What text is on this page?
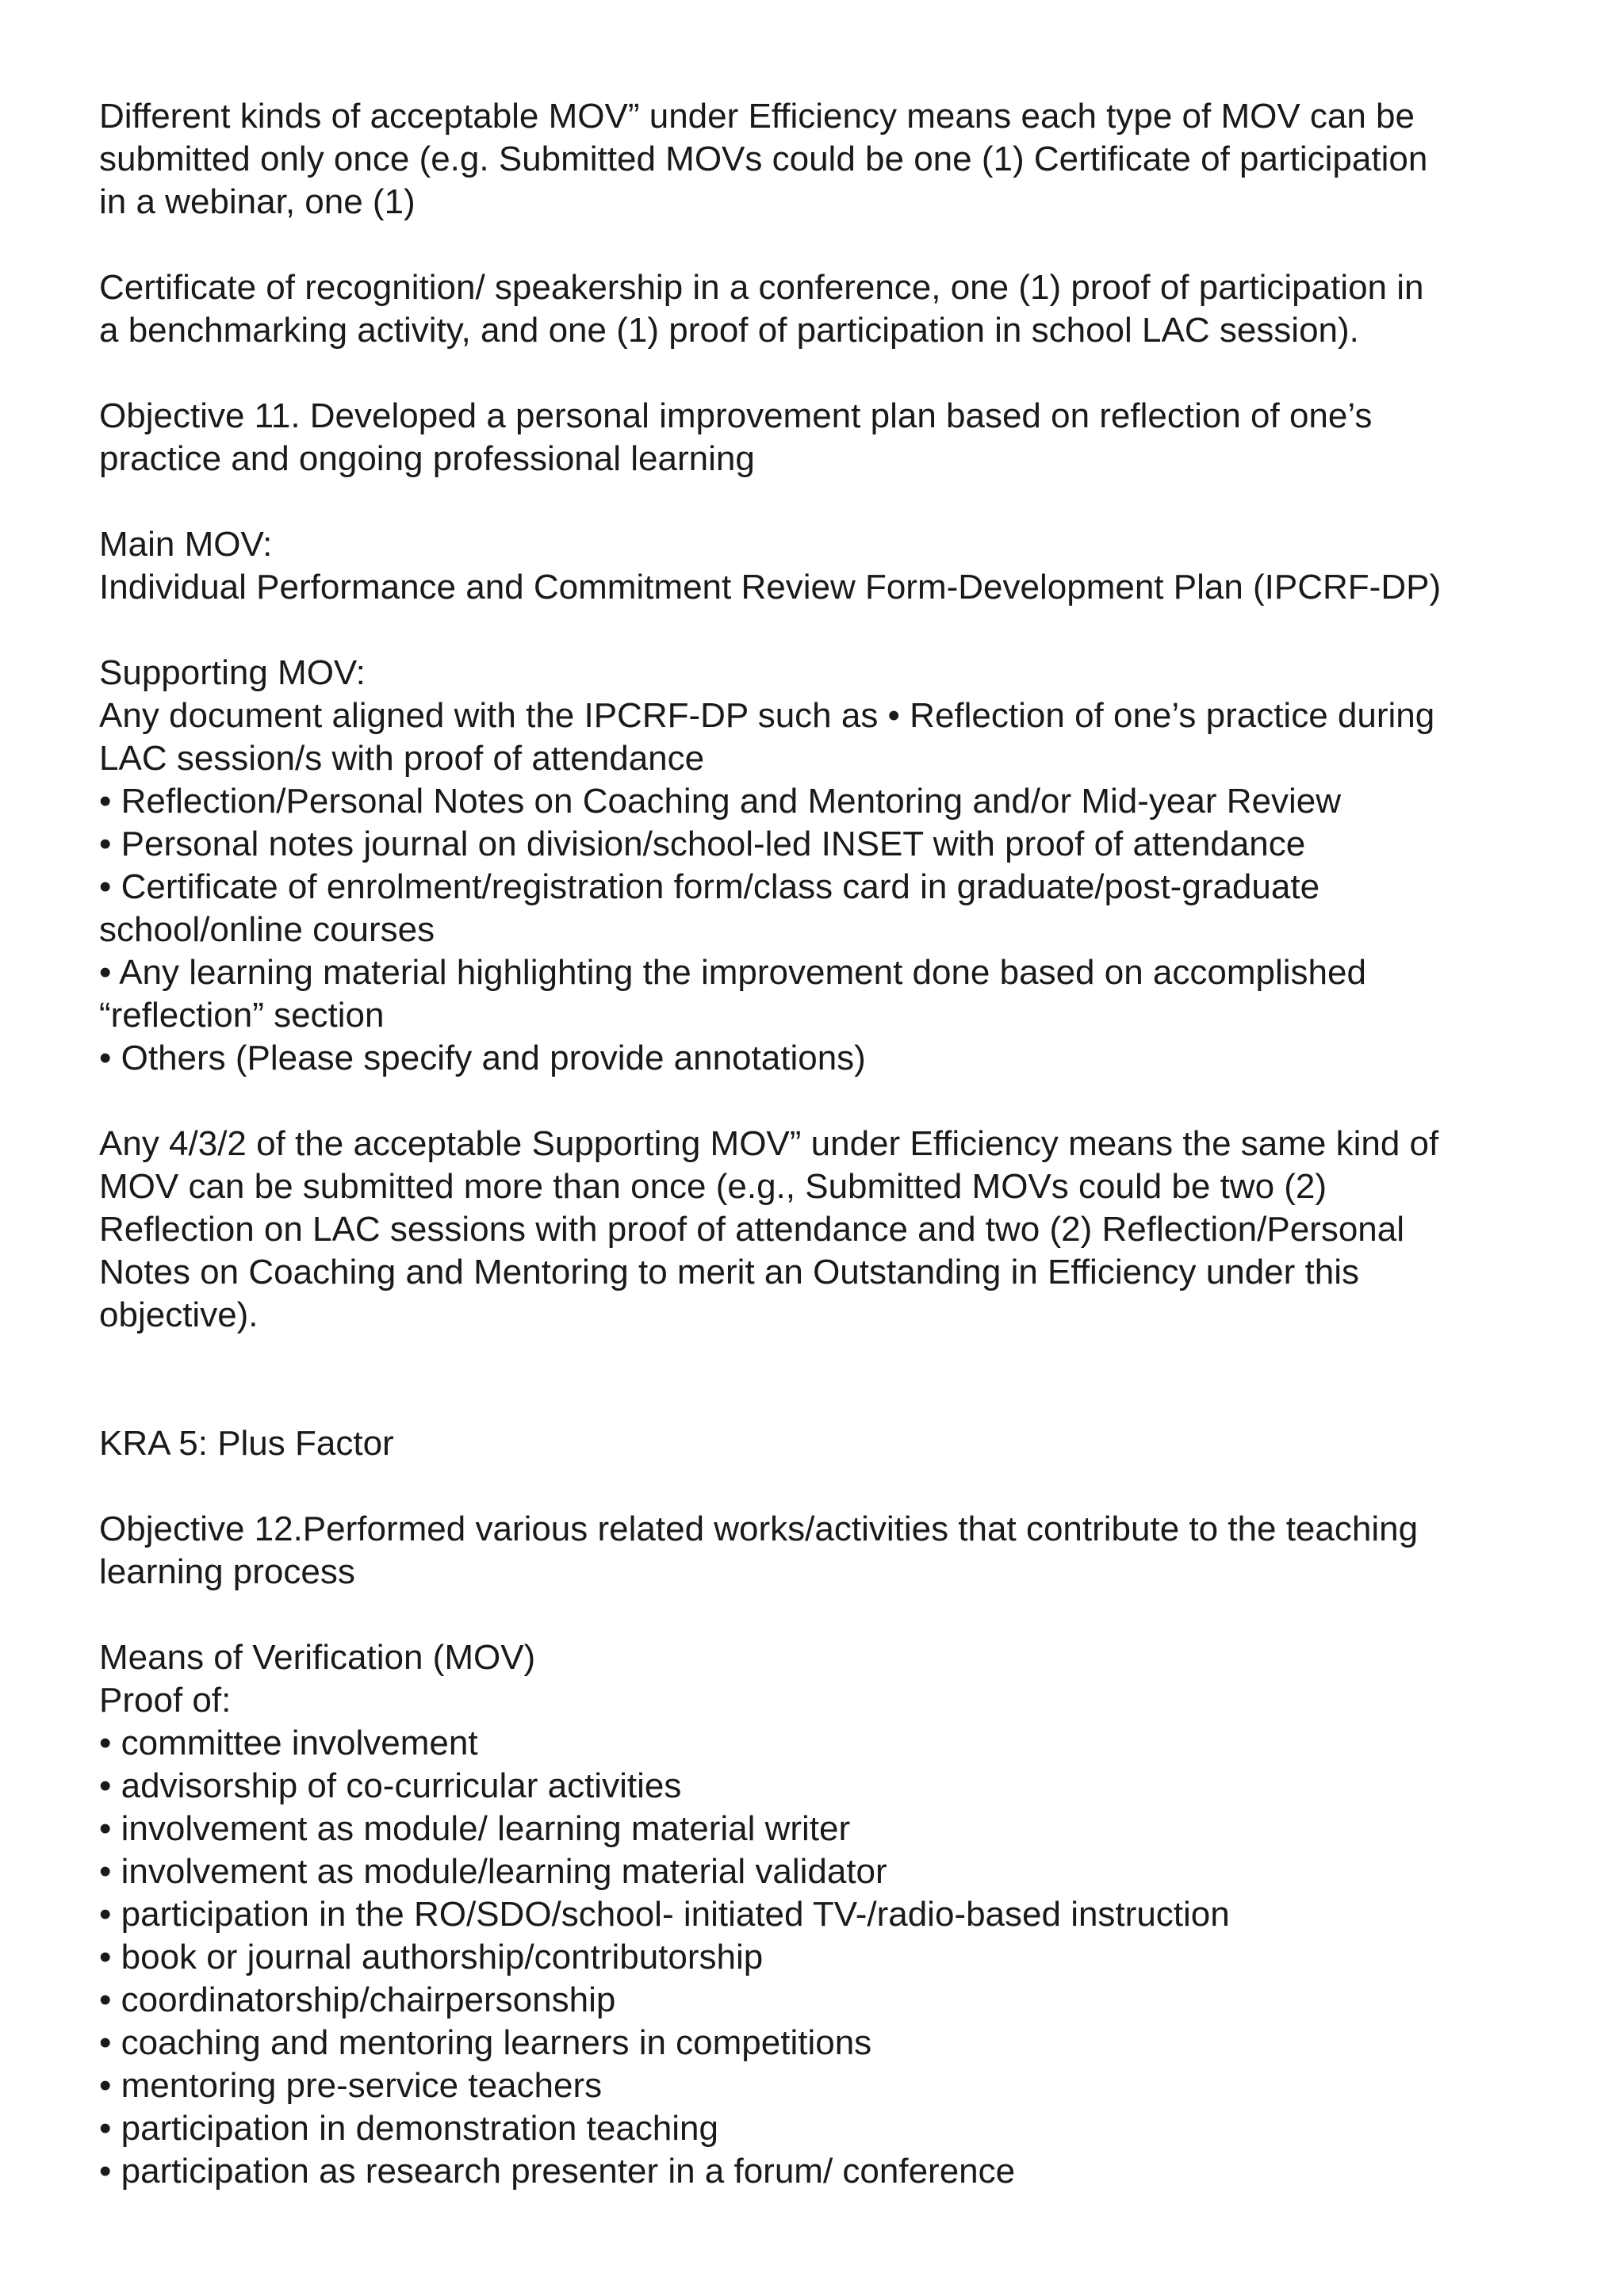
Different kinds of acceptable MOV” under Efficiency means each type of MOV can be
submitted only once (e.g. Submitted MOVs could be one (1) Certificate of participation
in a webinar, one (1)
Certificate of recognition/ speakership in a conference, one (1) proof of participation in
a benchmarking activity, and one (1) proof of participation in school LAC session).
Objective 11. Developed a personal improvement plan based on reflection of one’s
practice and ongoing professional learning
Main MOV:
Individual Performance and Commitment Review Form-Development Plan (IPCRF-DP)
Supporting MOV:
Any document aligned with the IPCRF-DP such as • Reflection of one’s practice during
LAC session/s with proof of attendance
• Reflection/Personal Notes on Coaching and Mentoring and/or Mid-year Review
• Personal notes journal on division/school-led INSET with proof of attendance
• Certificate of enrolment/registration form/class card in graduate/post-graduate
school/online courses
• Any learning material highlighting the improvement done based on accomplished
“reflection” section
• Others (Please specify and provide annotations)
Any 4/3/2 of the acceptable Supporting MOV” under Efficiency means the same kind of
MOV can be submitted more than once (e.g., Submitted MOVs could be two (2)
Reflection on LAC sessions with proof of attendance and two (2) Reflection/Personal
Notes on Coaching and Mentoring to merit an Outstanding in Efficiency under this
objective).
KRA 5: Plus Factor
Objective 12.Performed various related works/activities that contribute to the teaching
learning process
Means of Verification (MOV)
Proof of:
• committee involvement
• advisorship of co-curricular activities
• involvement as module/ learning material writer
• involvement as module/learning material validator
• participation in the RO/SDO/school- initiated TV-/radio-based instruction
• book or journal authorship/contributorship
• coordinatorship/chairpersonship
• coaching and mentoring learners in competitions
• mentoring pre-service teachers
• participation in demonstration teaching
• participation as research presenter in a forum/ conference
